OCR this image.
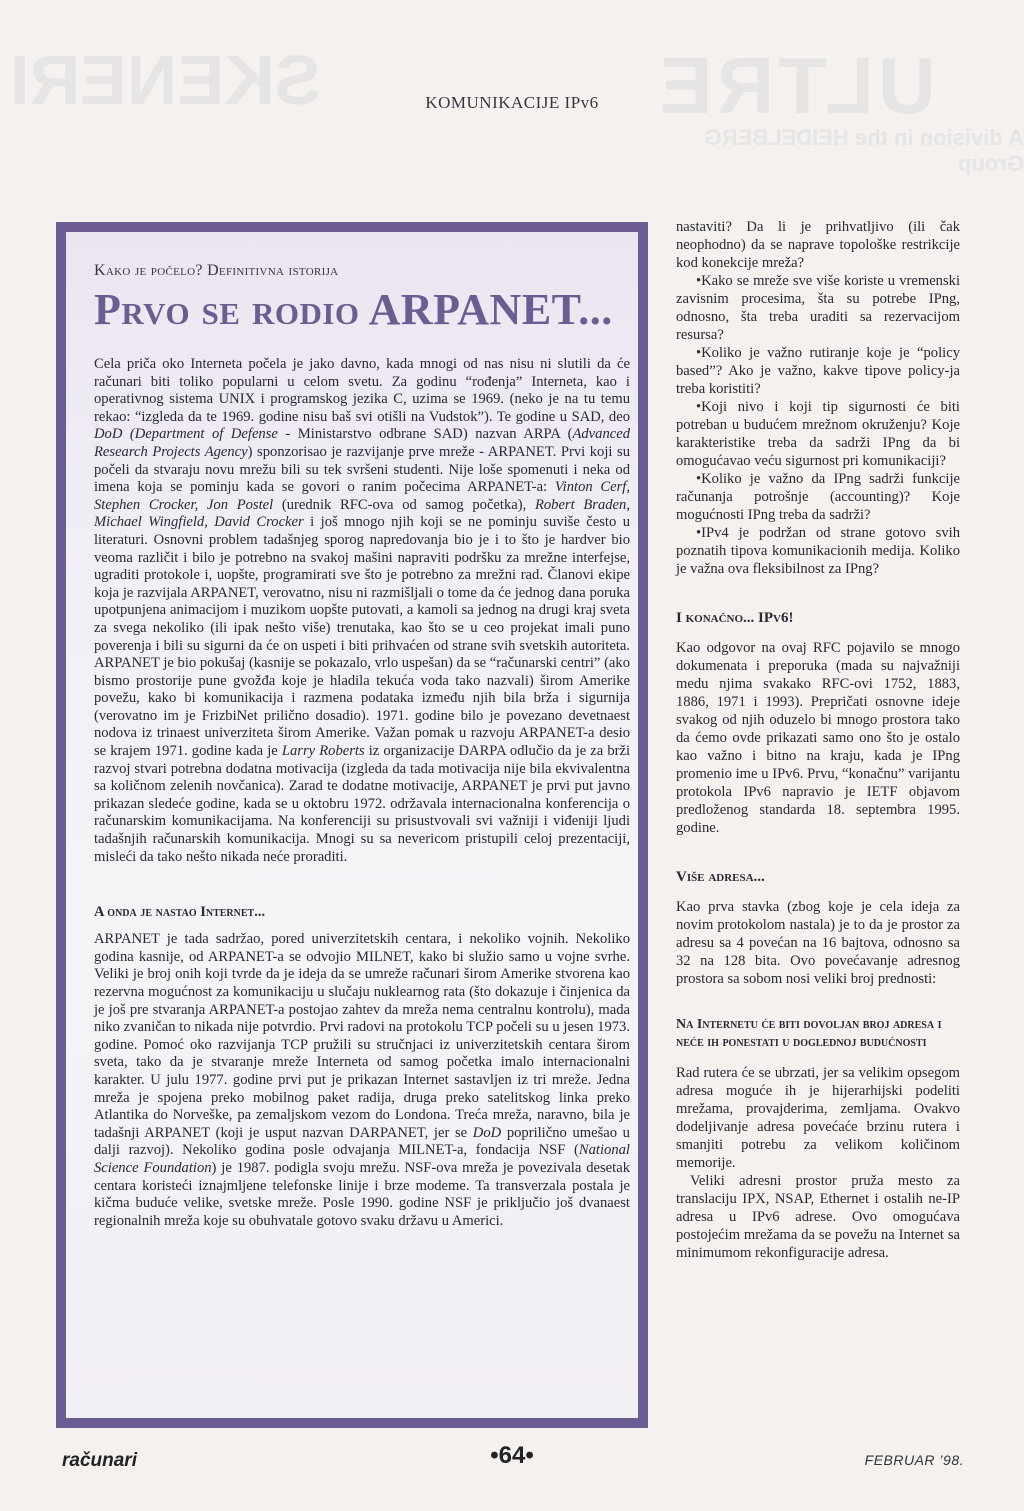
ULTRE
SKENERI
A division in the HEIDELBERG Group
KOMUNIKACIJE IPv6
Kako je počelo? Definitivna istorija
Prvo se rodio ARPANET...

Cela priča oko Interneta počela je jako davno, kada mnogi od nas nisu ni slutili da će računari biti toliko popularni u celom svetu. Za godinu “rođenja” Interneta, kao i operativnog sistema UNIX i programskog jezika C, uzima se 1969. (neko je na tu temu rekao: “izgleda da te 1969. godine nisu baš svi otišli na Vudstok”). Te godine u SAD, deo DoD (Department of Defense - Ministarstvo odbrane SAD) nazvan ARPA (Advanced Research Projects Agency) sponzorisao je razvijanje prve mreže - ARPANET. Prvi koji su počeli da stvaraju novu mrežu bili su tek svršeni studenti. Nije loše spomenuti i neka od imena koja se pominju kada se govori o ranim počecima ARPANET-a: Vinton Cerf, Stephen Crocker, Jon Postel (urednik RFC-ova od samog početka), Robert Braden, Michael Wingfield, David Crocker i još mnogo njih koji se ne pominju suviše često u literaturi. Osnovni problem tadašnjeg sporog napredovanja bio je i to što je hardver bio veoma različit i bilo je potrebno na svakoj mašini napraviti podršku za mrežne interfejse, ugraditi protokole i, uopšte, programirati sve što je potrebno za mrežni rad. Članovi ekipe koja je razvijala ARPANET, verovatno, nisu ni razmišljali o tome da će jednog dana poruka upotpunjena animacijom i muzikom uopšte putovati, a kamoli sa jednog na drugi kraj sveta za svega nekoliko (ili ipak nešto više) trenutaka, kao što se u ceo projekat imali puno poverenja i bili su sigurni da će on uspeti i biti prihvaćen od strane svih svetskih autoriteta. ARPANET je bio pokušaj (kasnije se pokazalo, vrlo uspešan) da se “računarski centri” (ako bismo prostorije pune gvožđa koje je hladila tekuća voda tako nazvali) širom Amerike povežu, kako bi komunikacija i razmena podataka između njih bila brža i sigurnija (verovatno im je FrizbiNet prilično dosadio). 1971. godine bilo je povezano devetnaest nodova iz trinaest univerziteta širom Amerike. Važan pomak u razvoju ARPANET-a desio se krajem 1971. godine kada je Larry Roberts iz organizacije DARPA odlučio da je za brži razvoj stvari potrebna dodatna motivacija (izgleda da tada motivacija nije bila ekvivalentna sa količnom zelenih novčanica). Zarad te dodatne motivacije, ARPANET je prvi put javno prikazan sledeće godine, kada se u oktobru 1972. održavala internacionalna konferencija o računarskim komunikacijama. Na konferenciji su prisustvovali svi važniji i viđeniji ljudi tadašnjih računarskih komunikacija. Mnogi su sa nevericom pristupili celoj prezentaciji, misleći da tako nešto nikada neće proraditi.

A onda je nastao Internet...

ARPANET je tada sadržao, pored univerzitetskih centara, i nekoliko vojnih. Nekoliko godina kasnije, od ARPANET-a se odvojio MILNET, kako bi služio samo u vojne svrhe. Veliki je broj onih koji tvrde da je ideja da se umreže računari širom Amerike stvorena kao rezervna mogućnost za komunikaciju u slučaju nuklearnog rata (što dokazuje i činjenica da je još pre stvaranja ARPANET-a postojao zahtev da mreža nema centralnu kontrolu), mada niko zvaničan to nikada nije potvrdio. Prvi radovi na protokolu TCP počeli su u jesen 1973. godine. Pomoć oko razvijanja TCP pružili su stručnjaci iz univerzitetskih centara širom sveta, tako da je stvaranje mreže Interneta od samog početka imalo internacionalni karakter. U julu 1977. godine prvi put je prikazan Internet sastavljen iz tri mreže. Jedna mreža je spojena preko mobilnog paket radija, druga preko satelitskog linka preko Atlantika do Norveške, pa zemaljskom vezom do Londona. Treća mreža, naravno, bila je tadašnji ARPANET (koji je usput nazvan DARPANET, jer se DoD poprilično umešao u dalji razvoj). Nekoliko godina posle odvajanja MILNET-a, fondacija NSF (National Science Foundation) je 1987. podigla svoju mrežu. NSF-ova mreža je povezivala desetak centara koristeći iznajmljene telefonske linije i brze modeme. Ta transverzala postala je kičma buduće velike, svetske mreže. Posle 1990. godine NSF je priključio još dvanaest regionalnih mreža koje su obuhvatale gotovo svaku državu u Americi.

nastaviti? Da li je prihvatljivo (ili čak neophodno) da se naprave topološke restrikcije kod konekcije mreža?

• Kako se mreže sve više koriste u vremenski zavisnim procesima, šta su potrebe IPng, odnosno, šta treba uraditi sa rezervacijom resursa?

• Koliko je važno rutiranje koje je “policy based”? Ako je važno, kakve tipove policy-ja treba koristiti?

• Koji nivo i koji tip sigurnosti će biti potreban u budućem mrežnom okruženju? Koje karakteristike treba da sadrži IPng da bi omogućavao veću sigurnost pri komunikaciji?

• Koliko je važno da IPng sadrži funkcije računanja potrošnje (accounting)? Koje mogućnosti IPng treba da sadrži?

• IPv4 je podržan od strane gotovo svih poznatih tipova komunikacionih medija. Koliko je važna ova fleksibilnost za IPng?

I konačno... IPv6!

Kao odgovor na ovaj RFC pojavilo se mnogo dokumenata i preporuka (mada su najvažniji medu njima svakako RFC-ovi 1752, 1883, 1886, 1971 i 1993). Prepričati osnovne ideje svakog od njih oduzelo bi mnogo prostora tako da ćemo ovde prikazati samo ono što je ostalo kao važno i bitno na kraju, kada je IPng promenio ime u IPv6. Prvu, “konačnu” varijantu protokola IPv6 napravio je IETF objavom predloženog standarda 18. septembra 1995. godine.

Više adresa...

Kao prva stavka (zbog koje je cela ideja za novim protokolom nastala) je to da je prostor za adresu sa 4 povećan na 16 bajtova, odnosno sa 32 na 128 bita. Ovo povećavanje adresnog prostora sa sobom nosi veliki broj prednosti:

Na Internetu će biti dovoljan broj adresa i neće ih ponestati u doglednoj budućnosti

Rad rutera će se ubrzati, jer sa velikim opsegom adresa moguće ih je hijerarhijski podeliti mrežama, provajderima, zemljama. Ovakvo dodeljivanje adresa povećaće brzinu rutera i smanjiti potrebu za velikom količinom memorije.

Veliki adresni prostor pruža mesto za translaciju IPX, NSAP, Ethernet i ostalih ne-IP adresa u IPv6 adrese. Ovo omogućava postojećim mrežama da se povežu na Internet sa minimumom rekonfiguracije adresa.

računari	•64•	FEBRUAR ’98.
